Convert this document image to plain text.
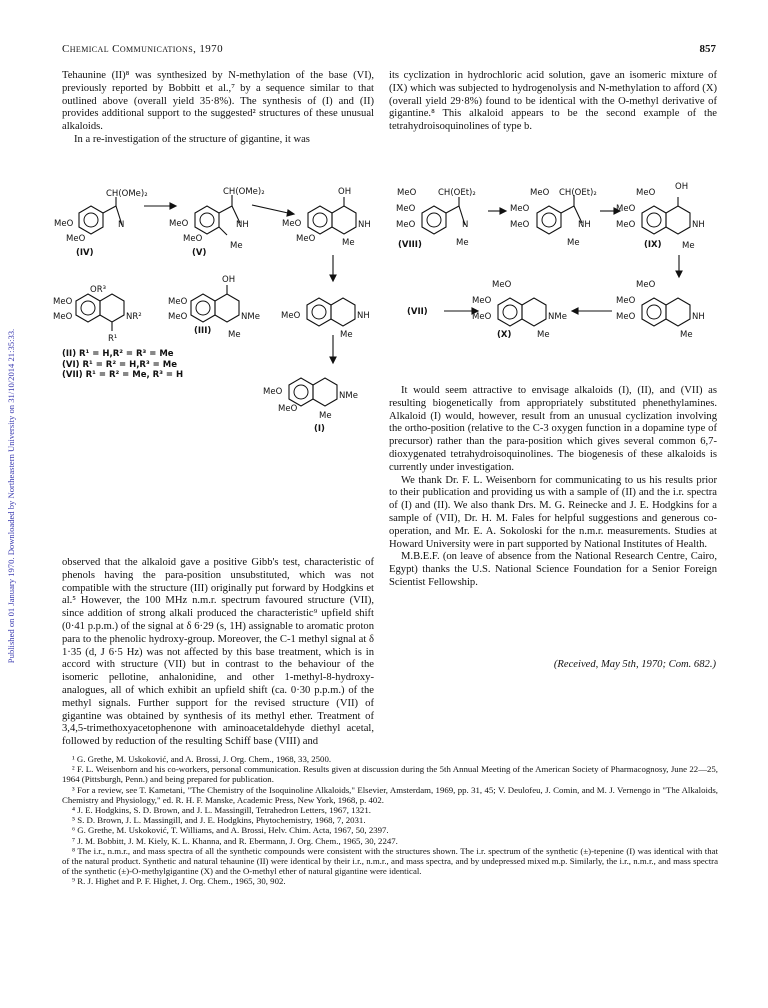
Published on 01 January 1970. Downloaded by Northeastern University on 31/10/2014 21:35:33.
Chemical Communications, 1970	857

Tehaunine (II)⁸ was synthesized by N-methylation of the base (VI), previously reported by Bobbitt et al.,⁷ by a sequence similar to that outlined above (overall yield 35·8%). The synthesis of (I) and (II) provides additional support to the suggested² structures of these unusual alkaloids.

In a re-investigation of the structure of gigantine, it was

its cyclization in hydrochloric acid solution, gave an isomeric mixture of (IX) which was subjected to hydrogenolysis and N-methylation to afford (X) (overall yield 29·8%) found to be identical with the O-methyl derivative of gigantine.⁸ This alkaloid appears to be the second example of the tetrahydroisoquinolines of type b.

CH(OMe)₂
MeO
MeO
N
(IV)
CH(OMe)₂
MeO
MeO
NH
Me
(V)
OH
MeO
MeO
NH
Me
MeO	NH
Me
MeO
MeO
NMe
Me
(I)
OR³
MeO
MeO	NR²
R¹
OH
MeO
MeO	NMe
Me
(III)
(II) R¹ = H,R² = R³ = Me
(VI) R¹ = R² = H,R³ = Me
(VII) R¹ = R² = Me, R³ = H
MeO	CH(OEt)₂
MeO
MeO	N
Me
(VIII)
MeO CH(OEt)₂
MeO
MeO	NH
Me
OH
MeO
MeO
MeO	NH
Me
(IX)
(VII)
MeO
MeO
MeO	NMe
Me
(X)
MeO
MeO
MeO	NH
Me

It would seem attractive to envisage alkaloids (I), (II), and (VII) as resulting biogenetically from appropriately substituted phenethylamines. Alkaloid (I) would, however, result from an unusual cyclization involving the ortho-position (relative to the C-3 oxygen function in a dopamine type of precursor) rather than the para-position which gives several common 6,7-dioxygenated tetrahydroisoquinolines. The biogenesis of these alkaloids is currently under investigation.

We thank Dr. F. L. Weisenborn for communicating to us his results prior to their publication and providing us with a sample of (II) and the i.r. spectra of (I) and (II). We also thank Drs. M. G. Reinecke and J. E. Hodgkins for a sample of (VII), Dr. H. M. Fales for helpful suggestions and generous co-operation, and Mr. E. A. Sokoloski for the n.m.r. measurements. Studies at Howard University were in part supported by National Institutes of Health.

M.B.E.F. (on leave of absence from the National Research Centre, Cairo, Egypt) thanks the U.S. National Science Foundation for a Senior Foreign Scientist Fellowship.

(Received, May 5th, 1970; Com. 682.)

observed that the alkaloid gave a positive Gibb's test, characteristic of phenols having the para-position unsubstituted, which was not compatible with the structure (III) originally put forward by Hodgkins et al.⁵ However, the 100 MHz n.m.r. spectrum favoured structure (VII), since addition of strong alkali produced the characteristic⁹ upfield shift (0·41 p.p.m.) of the signal at δ 6·29 (s, 1H) assignable to aromatic proton para to the phenolic hydroxy-group. Moreover, the C-1 methyl signal at δ 1·35 (d, J 6·5 Hz) was not affected by this base treatment, which is in accord with structure (VII) but in contrast to the behaviour of the isomeric pellotine, anhalonidine, and other 1-methyl-8-hydroxy-analogues, all of which exhibit an upfield shift (ca. 0·30 p.p.m.) of the methyl signals. Further support for the revised structure (VII) of gigantine was obtained by synthesis of its methyl ether. Treatment of 3,4,5-trimethoxyacetophenone with aminoacetaldehyde diethyl acetal, followed by reduction of the resulting Schiff base (VIII) and

¹ G. Grethe, M. Uskoković, and A. Brossi, J. Org. Chem., 1968, 33, 2500.
² F. L. Weisenborn and his co-workers, personal communication. Results given at discussion during the 5th Annual Meeting of the American Society of Pharmacognosy, June 22—25, 1964 (Pittsburgh, Penn.) and being prepared for publication.
³ For a review, see T. Kametani, "The Chemistry of the Isoquinoline Alkaloids," Elsevier, Amsterdam, 1969, pp. 31, 45; V. Deulofeu, J. Comin, and M. J. Vernengo in "The Alkaloids, Chemistry and Physiology," ed. R. H. F. Manske, Academic Press, New York, 1968, p. 402.
⁴ J. E. Hodgkins, S. D. Brown, and J. L. Massingill, Tetrahedron Letters, 1967, 1321.
⁵ S. D. Brown, J. L. Massingill, and J. E. Hodgkins, Phytochemistry, 1968, 7, 2031.
⁶ G. Grethe, M. Uskoković, T. Williams, and A. Brossi, Helv. Chim. Acta, 1967, 50, 2397.
⁷ J. M. Bobbitt, J. M. Kiely, K. L. Khanna, and R. Ebermann, J. Org. Chem., 1965, 30, 2247.
⁸ The i.r., n.m.r., and mass spectra of all the synthetic compounds were consistent with the structures shown. The i.r. spectrum of the synthetic (±)-tepenine (I) was identical with that of the natural product. Synthetic and natural tehaunine (II) were identical by their i.r., n.m.r., and mass spectra, and by undepressed mixed m.p. Similarly, the i.r., n.m.r., and mass spectra of the synthetic (±)-O-methylgigantine (X) and the O-methyl ether of natural gigantine were identical.
⁹ R. J. Highet and P. F. Highet, J. Org. Chem., 1965, 30, 902.
